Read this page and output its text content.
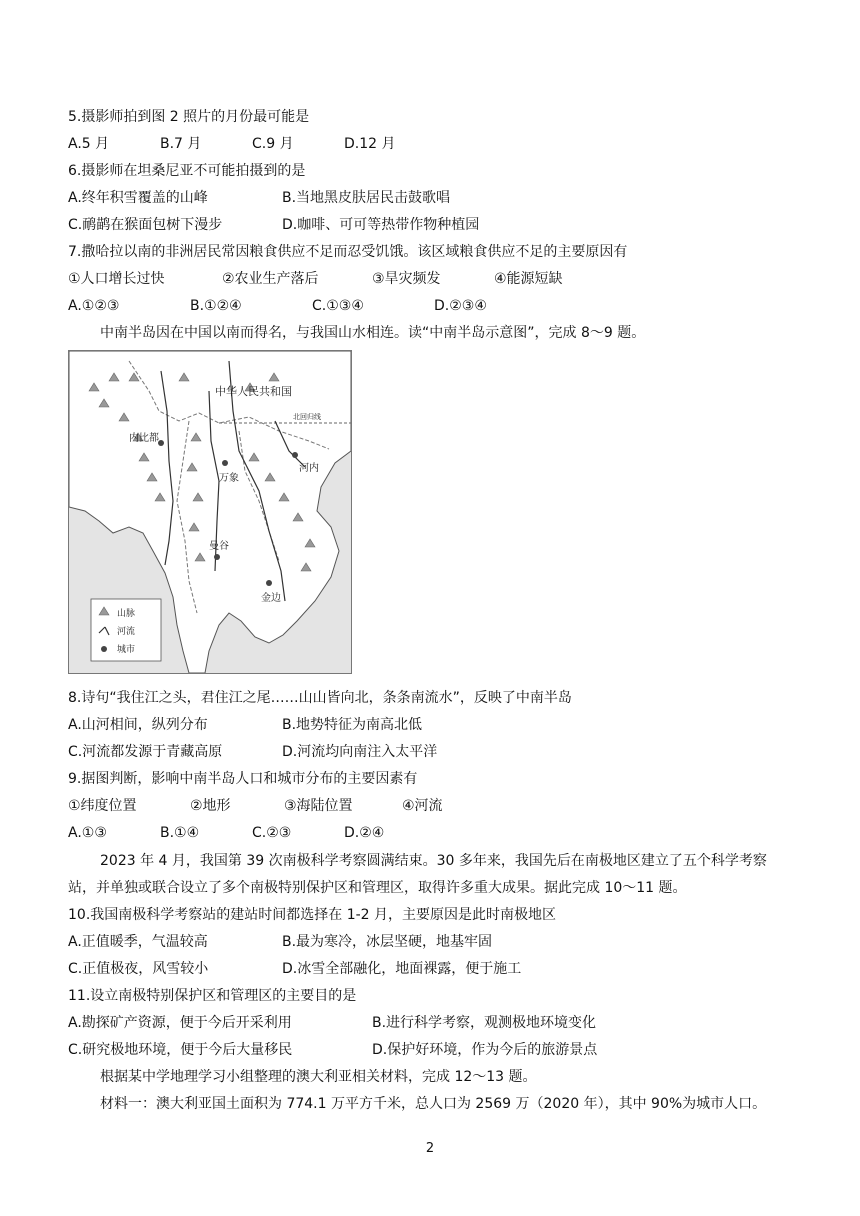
5.摄影师拍到图 2 照片的月份最可能是
A.5 月	B.7 月	C.9 月	D.12 月
6.摄影师在坦桑尼亚不可能拍摄到的是
A.终年积雪覆盖的山峰	B.当地黑皮肤居民击鼓歌唱
C.鸸鹋在猴面包树下漫步	D.咖啡、可可等热带作物种植园
7.撒哈拉以南的非洲居民常因粮食供应不足而忍受饥饿。该区域粮食供应不足的主要原因有
①人口增长过快	②农业生产落后	③旱灾频发	④能源短缺
A.①②③	B.①②④	C.①③④	D.②③④
中南半岛因在中国以南而得名，与我国山水相连。读“中南半岛示意图”，完成 8～9 题。
中华人民共和国
北回归线
内比都
万象
河内
曼谷
金边
山脉
河流
城市
8.诗句“我住江之头，君住江之尾……山山皆向北，条条南流水”，反映了中南半岛
A.山河相间，纵列分布	B.地势特征为南高北低
C.河流都发源于青藏高原	D.河流均向南注入太平洋
9.据图判断，影响中南半岛人口和城市分布的主要因素有
①纬度位置	②地形	③海陆位置	④河流
A.①③	B.①④	C.②③	D.②④
2023 年 4 月，我国第 39 次南极科学考察圆满结束。30 多年来，我国先后在南极地区建立了五个科学考察
站，并单独或联合设立了多个南极特别保护区和管理区，取得许多重大成果。据此完成 10～11 题。
10.我国南极科学考察站的建站时间都选择在 1-2 月，主要原因是此时南极地区
A.正值暖季，气温较高	B.最为寒冷，冰层坚硬，地基牢固
C.正值极夜，风雪较小	D.冰雪全部融化，地面裸露，便于施工
11.设立南极特别保护区和管理区的主要目的是
A.勘探矿产资源，便于今后开采利用	B.进行科学考察，观测极地环境变化
C.研究极地环境，便于今后大量移民	D.保护好环境，作为今后的旅游景点
根据某中学地理学习小组整理的澳大利亚相关材料，完成 12～13 题。
材料一：澳大利亚国土面积为 774.1 万平方千米，总人口为 2569 万（2020 年），其中 90%为城市人口。
2
